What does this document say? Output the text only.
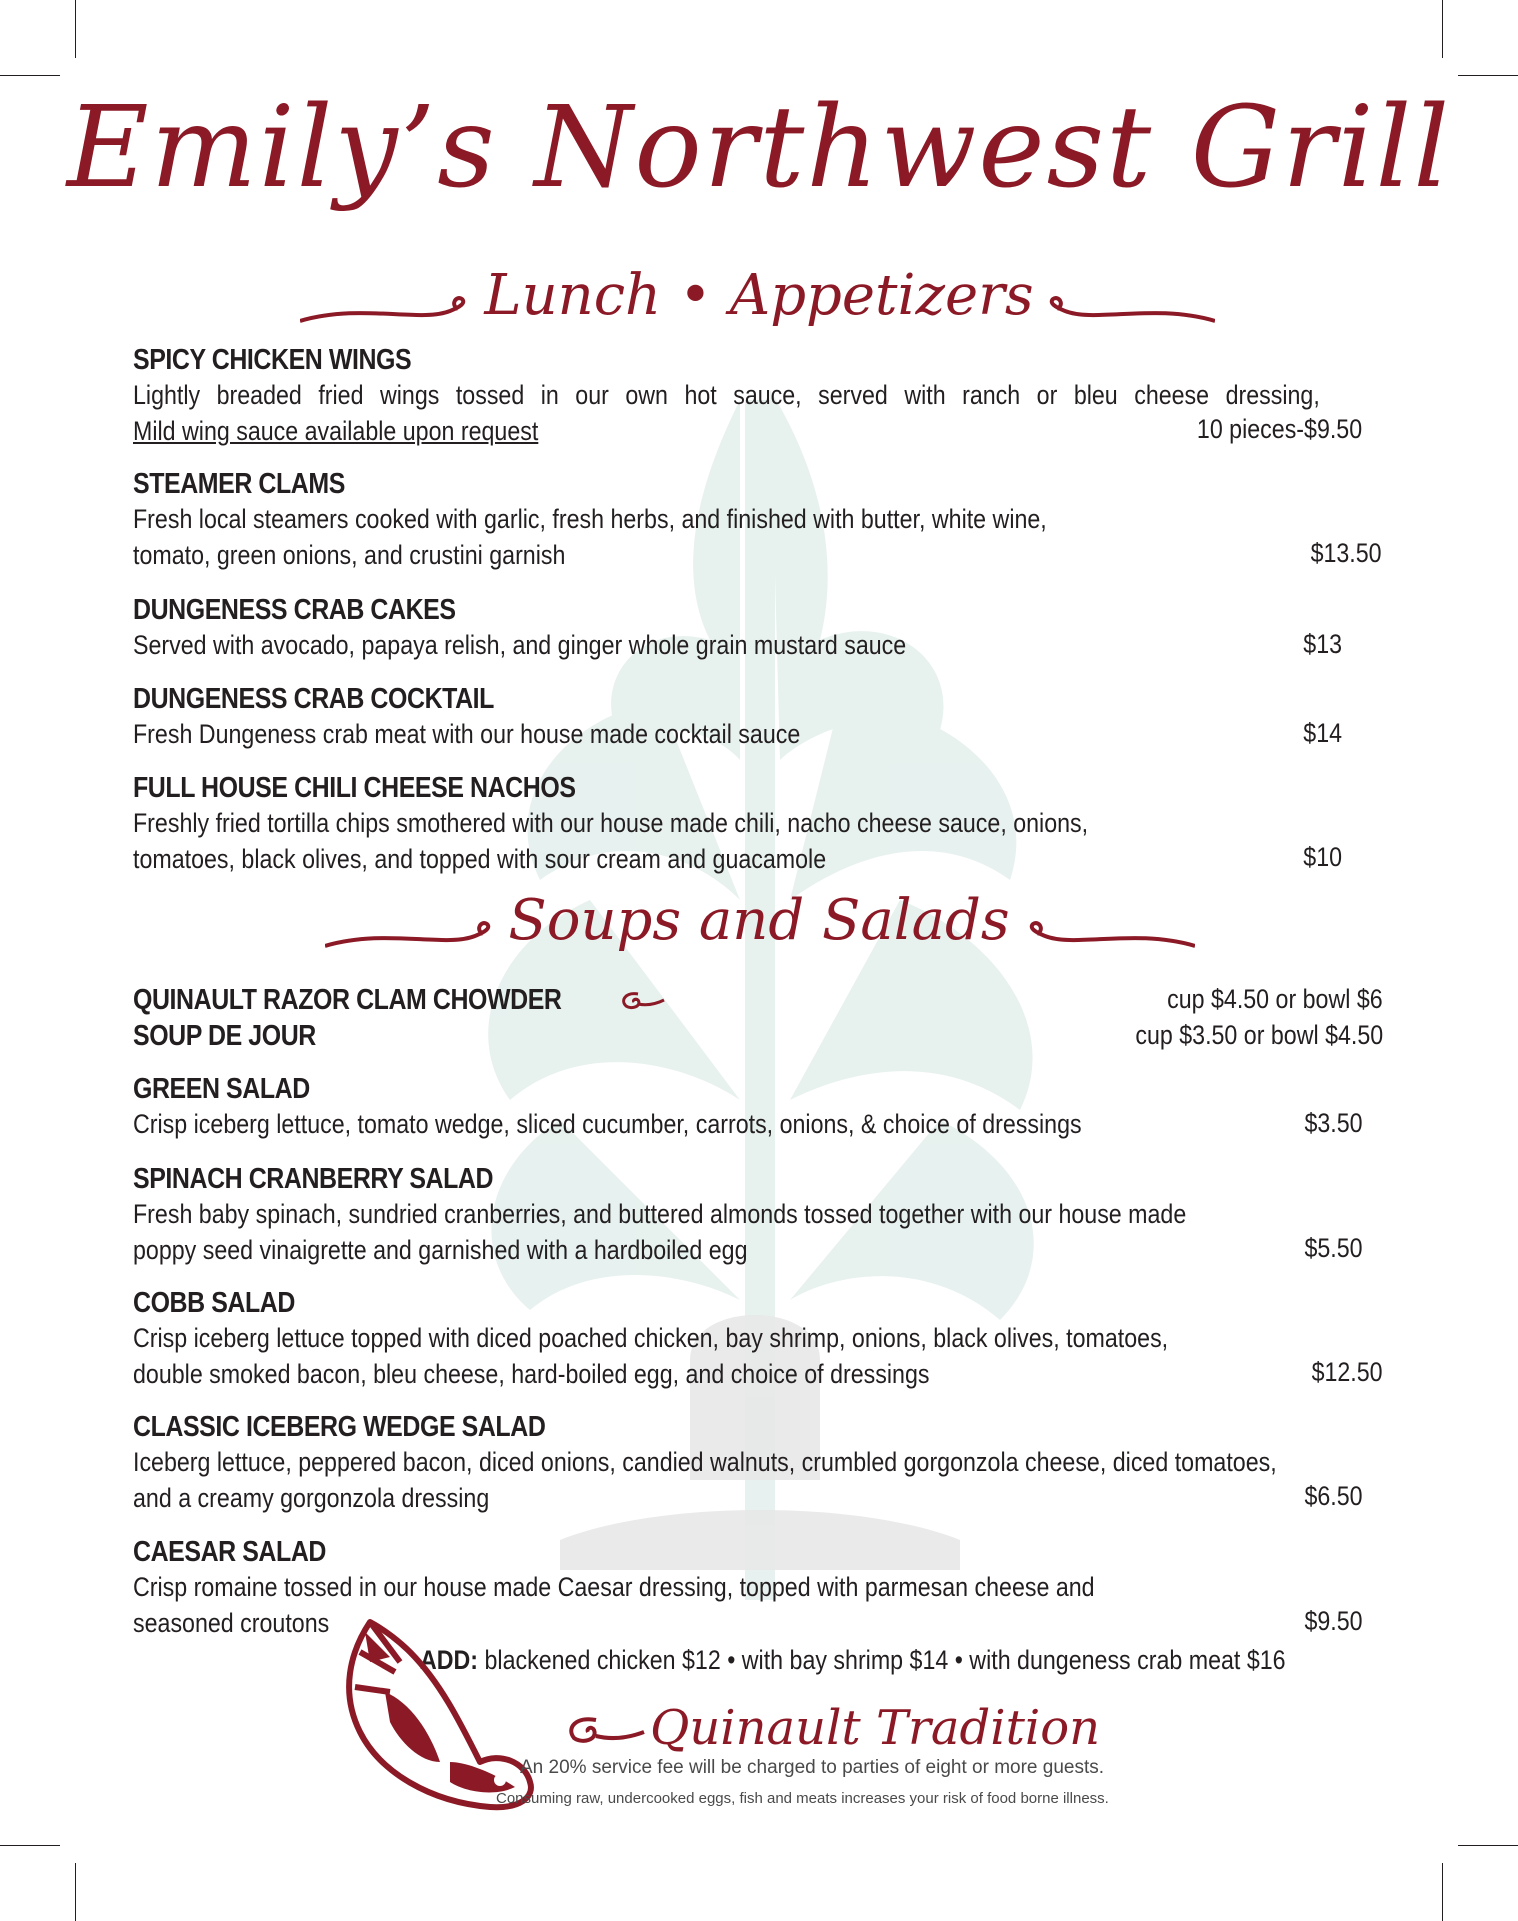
Emily’s Northwest Grill
Lunch • Appetizers
SPICY CHICKEN WINGS
Lightly breaded fried wings tossed in our own hot sauce, served with ranch or bleu cheese dressing,
Mild wing sauce available upon request	10 pieces-$9.50
STEAMER CLAMS
Fresh local steamers cooked with garlic, fresh herbs, and finished with butter, white wine,
tomato, green onions, and crustini garnish	$13.50
DUNGENESS CRAB CAKES
Served with avocado, papaya relish, and ginger whole grain mustard sauce	$13
DUNGENESS CRAB COCKTAIL
Fresh Dungeness crab meat with our house made cocktail sauce	$14
FULL HOUSE CHILI CHEESE NACHOS
Freshly fried tortilla chips smothered with our house made chili, nacho cheese sauce, onions,
tomatoes, black olives, and topped with sour cream and guacamole	$10
Soups and Salads
QUINAULT RAZOR CLAM CHOWDER	cup $4.50 or bowl $6
SOUP DE JOUR	cup $3.50 or bowl $4.50
GREEN SALAD
Crisp iceberg lettuce, tomato wedge, sliced cucumber, carrots, onions, & choice of dressings	$3.50
SPINACH CRANBERRY SALAD
Fresh baby spinach, sundried cranberries, and buttered almonds tossed together with our house made
poppy seed vinaigrette and garnished with a hardboiled egg	$5.50
COBB SALAD
Crisp iceberg lettuce topped with diced poached chicken, bay shrimp, onions, black olives, tomatoes,
double smoked bacon, bleu cheese, hard-boiled egg, and choice of dressings	$12.50
CLASSIC ICEBERG WEDGE SALAD
Iceberg lettuce, peppered bacon, diced onions, candied walnuts, crumbled gorgonzola cheese, diced tomatoes,
and a creamy gorgonzola dressing	$6.50
CAESAR SALAD
Crisp romaine tossed in our house made Caesar dressing, topped with parmesan cheese and
seasoned croutons	$9.50
ADD: blackened chicken $12 • with bay shrimp $14 • with dungeness crab meat $16
Quinault Tradition
An 20% service fee will be charged to parties of eight or more guests.
Consuming raw, undercooked eggs, fish and meats increases your risk of food borne illness.
